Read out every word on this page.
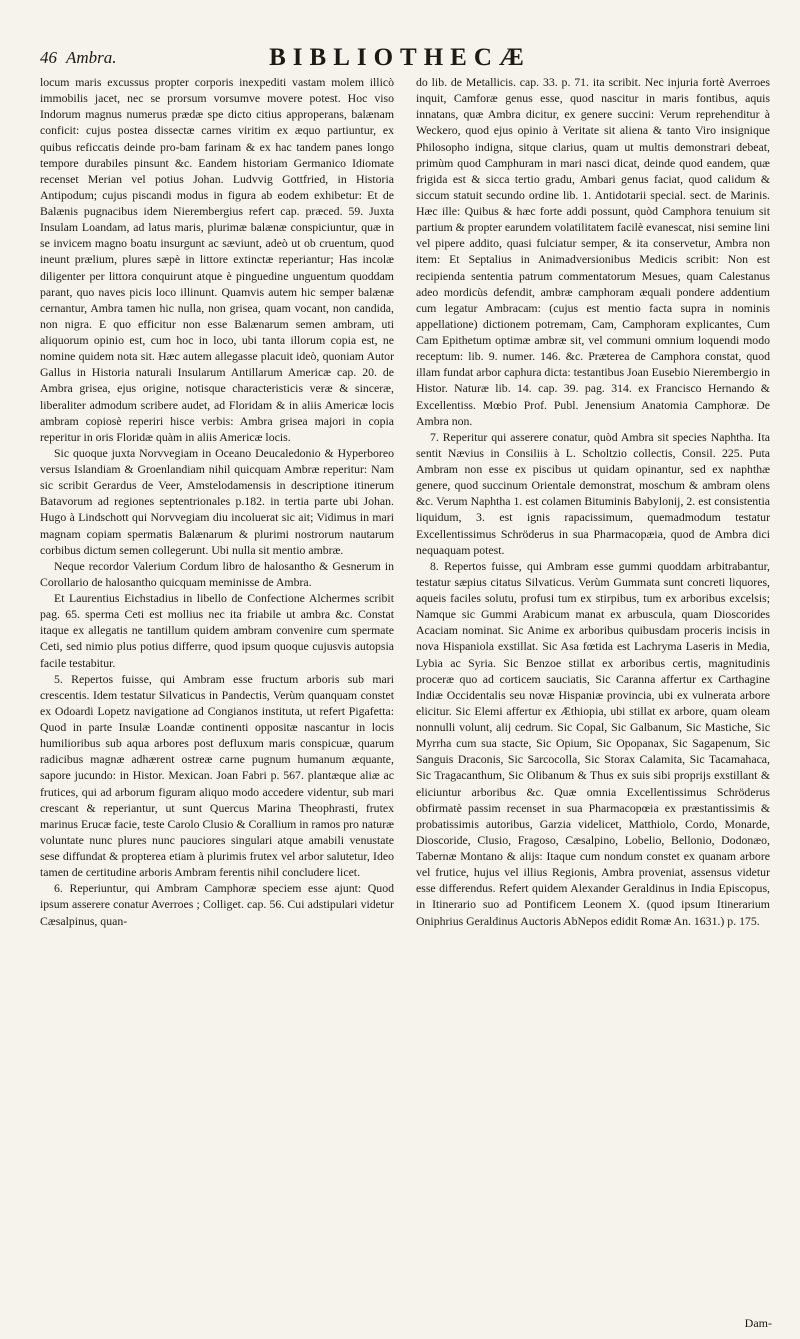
46 Ambra.	BIBLIOTHECÆ

locum maris excussus propter corporis inexpediti vastam molem illicò immobilis jacet, nec se prorsum vorsumve movere potest. Hoc viso Indorum magnus numerus prædæ spe dicto citius approperans, balænam conficit: cujus postea dissectæ carnes viritim ex æquo partiuntur, ex quibus reficcatis deinde pro-bam farinam & ex hac tandem panes longo tempore durabiles pinsunt &c. Eandem historiam Germanico Idiomate recenset Merian vel potius Johan. Ludvvig Gottfried, in Historia Antipodum; cujus piscandi modus in figura ab eodem exhibetur: Et de Balænis pugnacibus idem Nierembergius refert cap. præced. 59. Juxta Insulam Loandam, ad latus maris, plurimæ balænæ conspiciuntur, quæ in se invicem magno boatu insurgunt ac sæviunt, adeò ut ob cruentum, quod ineunt prælium, plures sæpè in littore extinctæ reperiantur; Has incolæ diligenter per littora conquirunt atque è pinguedine unguentum quoddam parant, quo naves picis loco illinunt. Quamvis autem hic semper balænæ cernantur, Ambra tamen hic nulla, non grisea, quam vocant, non candida, non nigra. E quo efficitur non esse Balænarum semen ambram, uti aliquorum opinio est, cum hoc in loco, ubi tanta illorum copia est, ne nomine quidem nota sit. Hæc autem allegasse placuit ideò, quoniam Autor Gallus in Historia naturali Insularum Antillarum Americæ cap. 20. de Ambra grisea, ejus origine, notisque characteristicis veræ & sinceræ, liberaliter admodum scribere audet, ad Floridam & in aliis Americæ locis ambram copiosè reperiri hisce verbis: Ambra grisea majori in copia reperitur in oris Floridæ quàm in aliis Americæ locis.

Sic quoque juxta Norvvegiam in Oceano Deucaledonio & Hyperboreo versus Islandiam & Groenlandiam nihil quicquam Ambræ reperitur: Nam sic scribit Gerardus de Veer, Amstelodamensis in descriptione itinerum Batavorum ad regiones septentrionales p.182. in tertia parte ubi Johan. Hugo à Lindschott qui Norvvegiam diu incoluerat sic ait; Vidimus in mari magnam copiam spermatis Balænarum & plurimi nostrorum nautarum corbibus dictum semen collegerunt. Ubi nulla sit mentio ambræ.

Neque recordor Valerium Cordum libro de halosantho & Gesnerum in Corollario de halosantho quicquam meminisse de Ambra.

Et Laurentius Eichstadius in libello de Confectione Alchermes scribit pag. 65. sperma Ceti est mollius nec ita friabile ut ambra &c. Constat itaque ex allegatis ne tantillum quidem ambram convenire cum spermate Ceti, sed nimio plus potius differre, quod ipsum quoque cujusvis autopsia facile testabitur.

5. Repertos fuisse, qui Ambram esse fructum arboris sub mari crescentis. Idem testatur Silvaticus in Pandectis, Verùm quanquam constet ex Odoardi Lopetz navigatione ad Congianos instituta, ut refert Pigafetta: Quod in parte Insulæ Loandæ continenti oppositæ nascantur in locis humilioribus sub aqua arbores post defluxum maris conspicuæ, quarum radicibus magnæ adhærent ostreæ carne pugnum humanum æquante, sapore jucundo: in Histor. Mexican. Joan Fabri p. 567. plantæque aliæ ac frutices, qui ad arborum figuram aliquo modo accedere videntur, sub mari crescant & reperiantur, ut sunt Quercus Marina Theophrasti, frutex marinus Erucæ facie, teste Carolo Clusio & Corallium in ramos pro naturæ voluntate nunc plures nunc pauciores singulari atque amabili venustate sese diffundat & propterea etiam à plurimis frutex vel arbor salutetur, Ideo tamen de certitudine arboris Ambram ferentis nihil concludere licet.

6. Reperiuntur, qui Ambram Camphoræ speciem esse ajunt: Quod ipsum asserere conatur Averroes ; Colliget. cap. 56. Cui adstipulari videtur Cæsalpinus, quan-

do lib. de Metallicis. cap. 33. p. 71. ita scribit. Nec injuria fortè Averroes inquit, Camforæ genus esse, quod nascitur in maris fontibus, aquis innatans, quæ Ambra dicitur, ex genere succini: Verum reprehenditur à Weckero, quod ejus opinio à Veritate sit aliena & tanto Viro insignique Philosopho indigna, sitque clarius, quam ut multis demonstrari debeat, primùm quod Camphuram in mari nasci dicat, deinde quod eandem, quæ frigida est & sicca tertio gradu, Ambari genus faciat, quod calidum & siccum statuit secundo ordine lib. 1. Antidotarii special. sect. de Marinis. Hæc ille: Quibus & hæc forte addi possunt, quòd Camphora tenuium sit partium & propter earundem volatilitatem facilè evanescat, nisi semine lini vel pipere addito, quasi fulciatur semper, & ita conservetur, Ambra non item: Et Septalius in Animadversionibus Medicis scribit: Non est recipienda sententia patrum commentatorum Mesues, quam Calestanus adeo mordicùs defendit, ambræ camphoram æquali pondere addentium cum legatur Ambracam: (cujus est mentio facta supra in nominis appellatione) dictionem potremam, Cam, Camphoram explicantes, Cum Cam Epithetum optimæ ambræ sit, vel communi omnium loquendi modo receptum: lib. 9. numer. 146. &c. Præterea de Camphora constat, quod illam fundat arbor caphura dicta: testantibus Joan Eusebio Nierembergio in Histor. Naturæ lib. 14. cap. 39. pag. 314. ex Francisco Hernando & Excellentiss. Mœbio Prof. Publ. Jenensium Anatomia Camphoræ. De Ambra non.

7. Reperitur qui asserere conatur, quòd Ambra sit species Naphtha. Ita sentit Nævius in Consiliis à L. Scholtzio collectis, Consil. 225. Puta Ambram non esse ex piscibus ut quidam opinantur, sed ex naphthæ genere, quod succinum Orientale demonstrat, moschum & ambram olens &c. Verum Naphtha 1. est colamen Bituminis Babylonij, 2. est consistentia liquidum, 3. est ignis rapacissimum, quemadmodum testatur Excellentissimus Schröderus in sua Pharmacopæia, quod de Ambra dici nequaquam potest.

8. Repertos fuisse, qui Ambram esse gummi quoddam arbitrabantur, testatur sæpius citatus Silvaticus. Verùm Gummata sunt concreti liquores, aqueis faciles solutu, profusi tum ex stirpibus, tum ex arboribus excelsis; Namque sic Gummi Arabicum manat ex arbuscula, quam Dioscorides Acaciam nominat. Sic Anime ex arboribus quibusdam proceris incisis in nova Hispaniola exstillat. Sic Asa fœtida est Lachryma Laseris in Media, Lybia ac Syria. Sic Benzoe stillat ex arboribus certis, magnitudinis proceræ quo ad corticem sauciatis, Sic Caranna affertur ex Carthagine Indiæ Occidentalis seu novæ Hispaniæ provincia, ubi ex vulnerata arbore elicitur. Sic Elemi affertur ex Æthiopia, ubi stillat ex arbore, quam oleam nonnulli volunt, alij cedrum. Sic Copal, Sic Galbanum, Sic Mastiche, Sic Myrrha cum sua stacte, Sic Opium, Sic Opopanax, Sic Sagapenum, Sic Sanguis Draconis, Sic Sarcocolla, Sic Storax Calamita, Sic Tacamahaca, Sic Tragacanthum, Sic Olibanum & Thus ex suis sibi proprijs exstillant & eliciuntur arboribus &c. Quæ omnia Excellentissimus Schröderus obfirmatè passim recenset in sua Pharmacopœia ex præstantissimis & probatissimis autoribus, Garzia videlicet, Matthiolo, Cordo, Monarde, Dioscoride, Clusio, Fragoso, Cæsalpino, Lobelio, Bellonio, Dodonæo, Tabernæ Montano & alijs: Itaque cum nondum constet ex quanam arbore vel frutice, hujus vel illius Regionis, Ambra proveniat, assensus videtur esse differendus. Refert quidem Alexander Geraldinus in India Episcopus, in Itinerario suo ad Pontificem Leonem X. (quod ipsum Itinerarium Oniphrius Geraldinus Auctoris AbNepos edidit Romæ An. 1631.) p. 175.

Dam-
